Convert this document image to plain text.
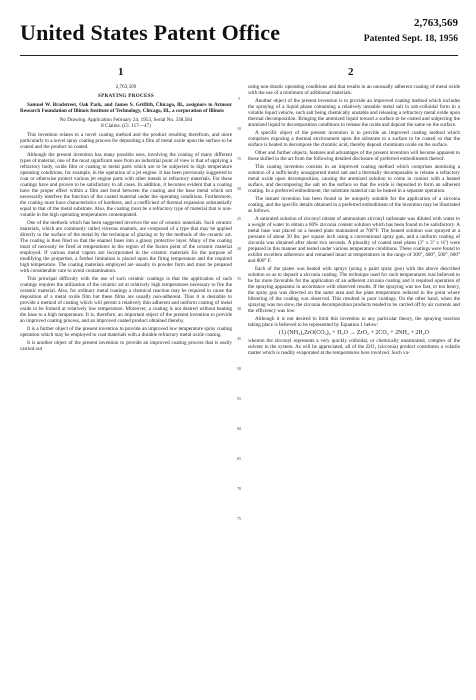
United States Patent Office	2,763,569
Patented Sept. 18, 1956
1	2

2,763,569

SPRAYING PROCESS

Samuel W. Bradstreet, Oak Park, and James S. Griffith, Chicago, Ill., assignors to Armour Research Foundation of Illinois Institute of Technology, Chicago, Ill., a corporation of Illinois

No Drawing. Application February 24, 1953, Serial No. 338,584

8 Claims. (Cl. 117—47)

This invention relates to a novel coating method and the product resulting therefrom, and more particularly to a novel spray coating process for depositing a film of metal oxide upon the surface to be coated and the product so coated.

Although the present invention has many possible uses, involving the coating of many different types of material, one of the most significant uses from an industrial point of view is that of applying a refractory body, oxide film or coating to metal parts which are to be subjected to high temperature operating conditions, for example, in the operation of a jet engine. It has been previously suggested to coat or otherwise protect various jet engine parts with other metals or refractory materials. For these coatings have and proven to be satisfactory in all cases. In addition, it becomes evident that a coating have the proper effect within a film and bond between the coating and the base metal which not necessarily interfere the function of the coated material under the operating conditions. Furthermore, the coating must have characteristics of hardness, and a coefficient of thermal expansion substantially equal to that of the metal substrate. Also, the coating must be a refractory type of material that is non-volatile in the high operating temperatures contemplated.

One of the methods which has been suggested involves the use of ceramic materials. Such ceramic materials, which are commonly called vitreous enamels, are composed of a type that may be applied directly to the surface of the metal by the technique of glazing or by the methods of the ceramic art. The coating is then fired so that the enamel fuses into a glassy protective layer. Many of the coating must of necessity be fired at temperatures in the region of the fusion point of the ceramic material employed. If various metal vapors are incorporated in the ceramic materials for the purpose of modifying the properties, a further limitation is placed upon the firing temperature and the required high temperature. The coating materials employed are usually in powder form and must be prepared with considerable care to avoid contamination.

This principal difficulty with the use of such ceramic coatings is that the application of such coatings requires the utilization of the ceramic art at relatively high temperatures necessary to fire the ceramic material. Also, for ordinary metal coatings a chemical reaction may be required to cause the deposition of a metal oxide film but these films are usually non-adherent. Thus it is desirable to provide a method of coating which will permit a relatively thin adherent and uniform coating of metal oxide to be formed at relatively low temperature. Moreover, a coating is not desired without heating the base to a high temperature. It is, therefore, an important object of the present invention to provide an improved coating process, and an improved coated product obtained thereby.

It is a further object of the present invention to provide an improved low temperature spray coating operation which may be employed to coat materials with a durable refractory metal oxide coating.

It is another object of the present invention to provide an improved coating process that is easily carried out

5
10
15
20
25
30
35
40
45
50
55
60
65
70
75

using non-drastic operating conditions and that results in an unusually adherent coating of metal oxide with the use of a minimum of additional materials.

Another object of the present invention is to provide an improved coating method which includes the spraying of a liquid phase containing a relatively unstable metal salt in sub-colloidal form in a volatile liquid vehicle, such salt being chemically unstable and releasing a refractory metal oxide upon thermal decomposition. Bringing the atomized liquid toward a surface to be coated and subjecting the atomized liquid to decomposition conditions to release the oxide and deposit the same on the surface.

A specific object of the present invention is to provide an improved coating method which comprises exposing a thermal environment upon the substrate to a surface to be coated so that the surface is heated to decompose the chromic acid, thereby deposit chromium oxide on the surface.

Other and further objects, features and advantages of the present invention will become apparent to those skilled in the art from the following detailed disclosure of preferred embodiments thereof.

This coating invention consists in an improved coating method which comprises atomizing a solution of a sufficiently unsupported metal salt and a thermally decomposable to release a refractory metal oxide upon decomposition, causing the atomized solution to come in contact with a heated surface, and decomposing the salt on the surface so that the oxide is deposited to form an adherent coating. In a preferred embodiment, the substrate material can be heated in a separate operation.

The instant invention has been found to be uniquely suitable for the application of a zirconia coating, and the specific details obtained in a preferred embodiment of the invention may be illustrated as follows.

A saturated solution of zirconyl nitrate of ammonium zirconyl carbonate was diluted with water to a weight of water to obtain a 60% zirconia content solution which has been found to be satisfactory. A metal base was placed on a heated plate maintained at 700°F. The heated solution was sprayed at a pressure of about 30 lbs. per square inch using a conventional spray gun, and a uniform coating of zirconia was obtained after about two seconds. A plurality of coated steel plates (3" x 3" x ⅛") were prepared in this manner and tested under various temperature conditions. These coatings were found to exhibit excellent adherence and remained intact at temperatures in the range of 300°, 400°, 500°, 600° and 800° F.

Each of the plates was heated with sprays (using a paint spray gun) with the above described solution so as to deposit a zirconia coating. The technique used for such temperatures was believed to be far more favorable for the application of an adherent zirconia coating and it required operation of the spraying apparatus in accordance with observed results. If the spraying was too fast, or too heavy, the spray gun was directed on the same area and the plate temperature reduced to the point where blistering of the coating was observed. This resulted in poor coatings. On the other hand, when the spraying was too slow, the zirconia decomposition products tended to be carried off by air currents and the efficiency was low.

Although it is not desired to limit this invention to any particular theory, the spraying reaction taking place is believed to be represented by Equation 1 below:

(1) (NH₄)₂ZrO(CO₃)₂ + H₂O → ZrO₂ + 2CO₂ + 2NH₃ + 2H₂O

wherein the zirconyl represents a very quickly colloidal, or chemically unsaturated, complex of the solvent in the system. As will be appreciated, all of the ZrO₂ (zirconia) product constitutes a volatile matter which is readily evaporated at the temperatures here involved. Such va-
